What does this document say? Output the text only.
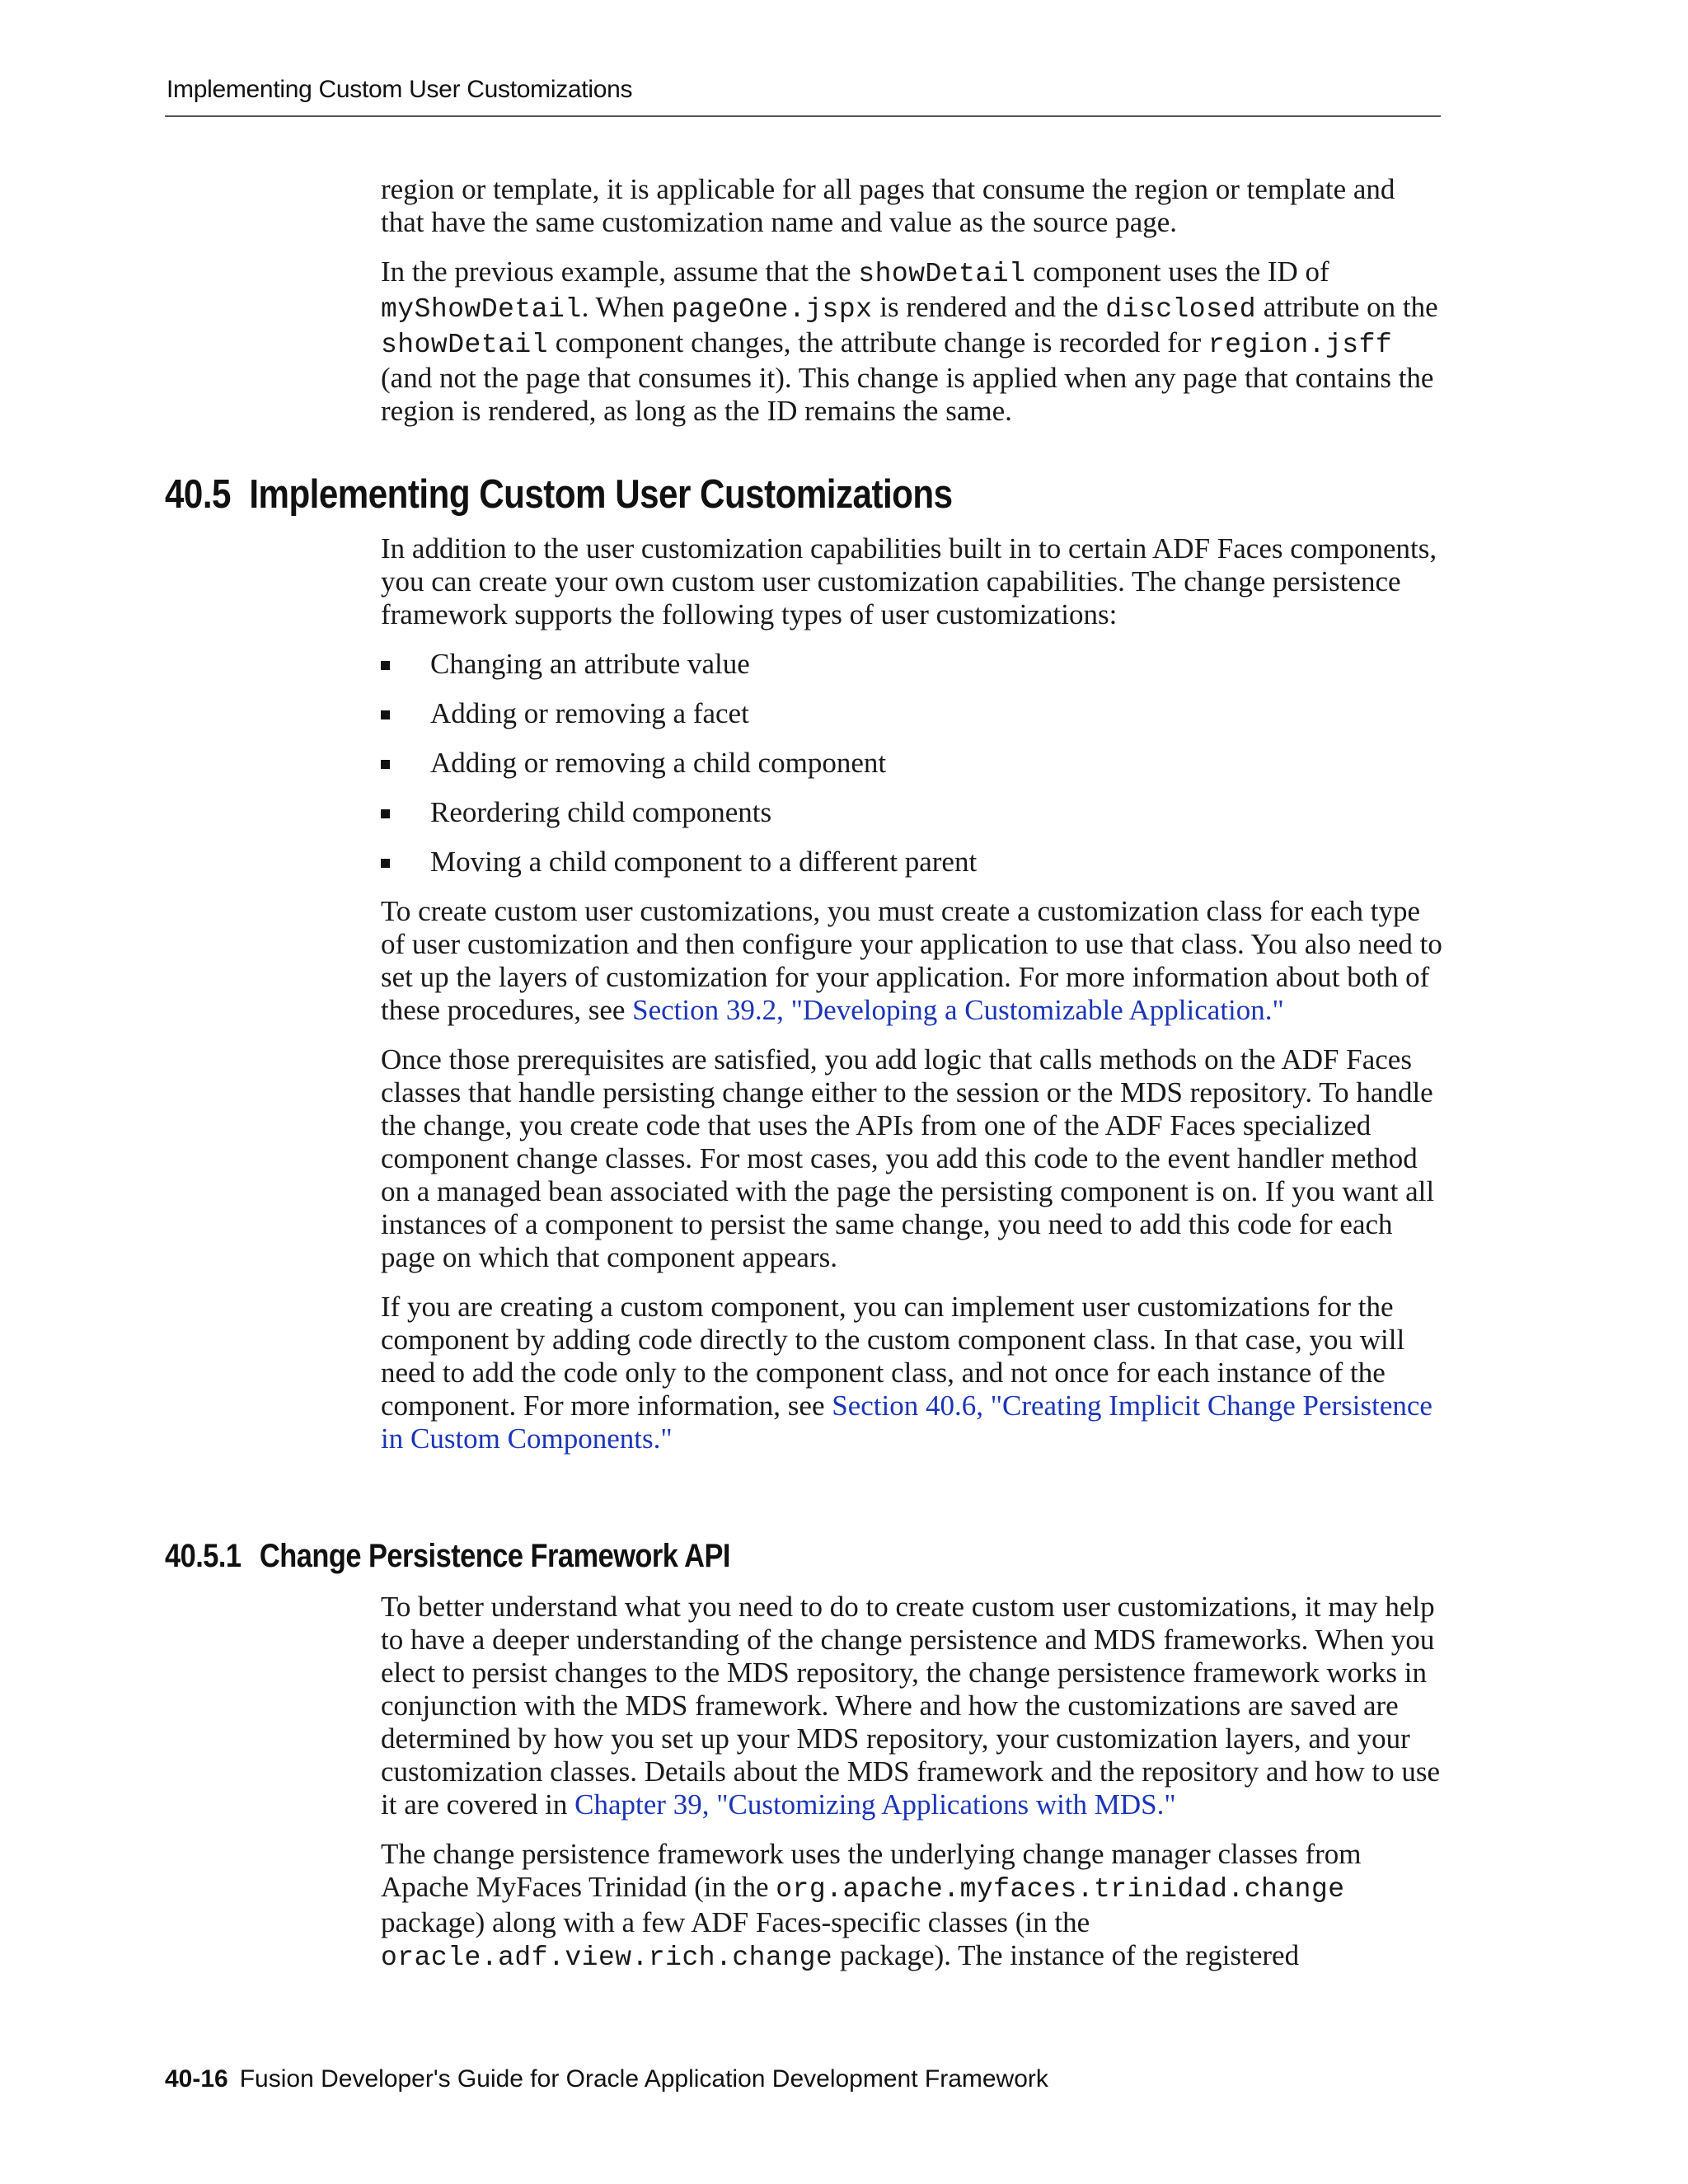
Implementing Custom User Customizations

region or template, it is applicable for all pages that consume the region or template and that have the same customization name and value as the source page.

In the previous example, assume that the showDetail component uses the ID of myShowDetail. When pageOne.jspx is rendered and the disclosed attribute on the showDetail component changes, the attribute change is recorded for region.jsff (and not the page that consumes it). This change is applied when any page that contains the region is rendered, as long as the ID remains the same.

40.5 Implementing Custom User Customizations

In addition to the user customization capabilities built in to certain ADF Faces components, you can create your own custom user customization capabilities. The change persistence framework supports the following types of user customizations:

Changing an attribute value
Adding or removing a facet
Adding or removing a child component
Reordering child components
Moving a child component to a different parent

To create custom user customizations, you must create a customization class for each type of user customization and then configure your application to use that class. You also need to set up the layers of customization for your application. For more information about both of these procedures, see Section 39.2, "Developing a Customizable Application."

Once those prerequisites are satisfied, you add logic that calls methods on the ADF Faces classes that handle persisting change either to the session or the MDS repository. To handle the change, you create code that uses the APIs from one of the ADF Faces specialized component change classes. For most cases, you add this code to the event handler method on a managed bean associated with the page the persisting component is on. If you want all instances of a component to persist the same change, you need to add this code for each page on which that component appears.

If you are creating a custom component, you can implement user customizations for the component by adding code directly to the custom component class. In that case, you will need to add the code only to the component class, and not once for each instance of the component. For more information, see Section 40.6, "Creating Implicit Change Persistence in Custom Components."

40.5.1 Change Persistence Framework API

To better understand what you need to do to create custom user customizations, it may help to have a deeper understanding of the change persistence and MDS frameworks. When you elect to persist changes to the MDS repository, the change persistence framework works in conjunction with the MDS framework. Where and how the customizations are saved are determined by how you set up your MDS repository, your customization layers, and your customization classes. Details about the MDS framework and the repository and how to use it are covered in Chapter 39, "Customizing Applications with MDS."

The change persistence framework uses the underlying change manager classes from Apache MyFaces Trinidad (in the org.apache.myfaces.trinidad.change package) along with a few ADF Faces-specific classes (in the oracle.adf.view.rich.change package). The instance of the registered

40-16 Fusion Developer's Guide for Oracle Application Development Framework
